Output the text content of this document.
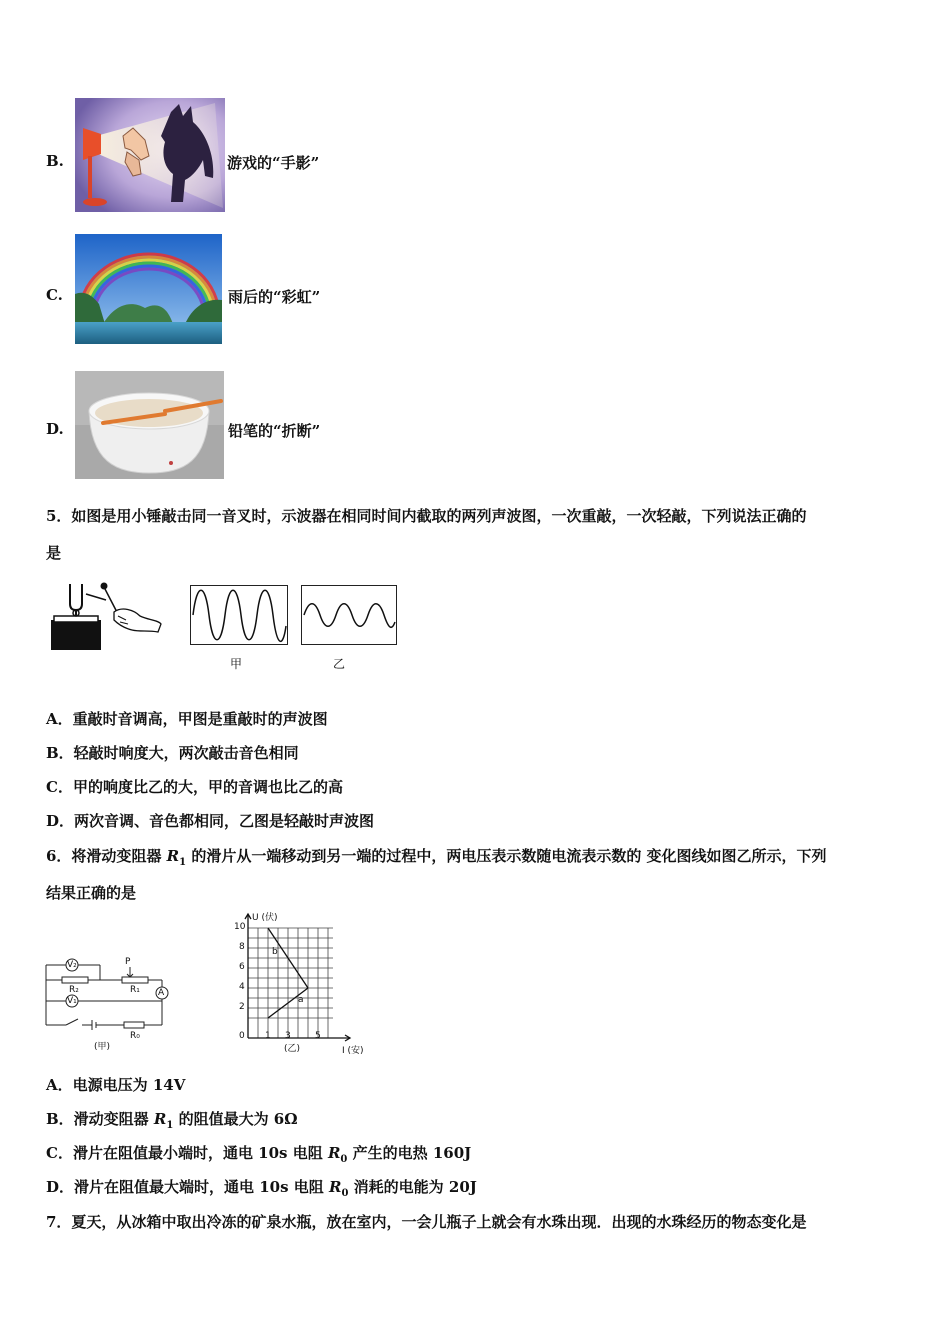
B.	游戏的“手影”
C.	雨后的“彩虹”
D.	铅笔的“折断”
5．如图是用小锤敲击同一音叉时，示波器在相同时间内截取的两列声波图，一次重敲，一次轻敲，下列说法正确的
是
甲	乙
A．重敲时音调高，甲图是重敲时的声波图
B．轻敲时响度大，两次敲击音色相同
C．甲的响度比乙的大，甲的音调也比乙的高
D．两次音调、音色都相同，乙图是轻敲时声波图
6．将滑动变阻器 $R_1$ 的滑片从一端移动到另一端的过程中，两电压表示数随电流表示数的 变化图线如图乙所示，下列
结果正确的是
V₂
V₁
A
R₂	R₁
P
R₀
(甲)
U (伏)
I (安)
10
8
6
4
2
0 1 3	5
b
a
(乙)
A．电源电压为 14V
B．滑动变阻器 $R_1$ 的阻值最大为 6Ω
C．滑片在阻值最小端时，通电 10s 电阻 $R_0$ 产生的电热 160J
D．滑片在阻值最大端时，通电 10s 电阻 $R_0$ 消耗的电能为 20J
7．夏天，从冰箱中取出冷冻的矿泉水瓶，放在室内，一会儿瓶子上就会有水珠出现．出现的水珠经历的物态变化是
